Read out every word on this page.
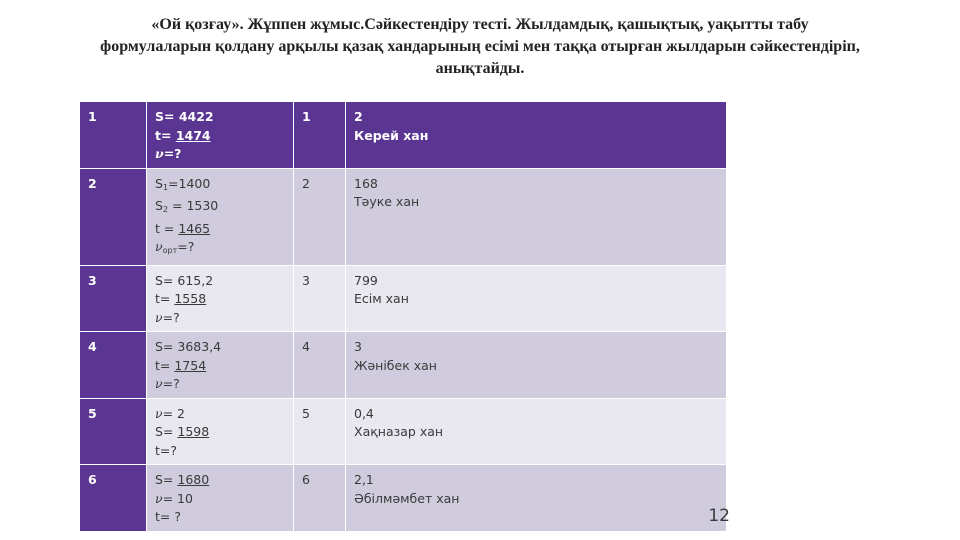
«Ой қозғау». Жұппен жұмыс.Сәйкестендіру тесті. Жылдамдық, қашықтық, уақытты табу формулаларын қолдану арқылы қазақ хандарының есімі мен таққа отырған жылдарын сәйкестендіріп, анықтайды.
1	S= 4422
t= 1474
ν=?	1	2
Керей хан

2	$S_1=1400$
$S_2 = 1530$
t = 1465
$\nu_{орт}=$?	2	168
Тәуке хан

3	S= 615,2
t= 1558
ν=?	3	799
Есім хан

4	S= 3683,4
t= 1754
ν=?	4	3
Жәнібек хан

5	ν= 2
S= 1598
t=?	5	0,4
Хақназар хан

6	S= 1680
ν= 10
t= ?	6	2,1
Әбілмәмбет хан
12
